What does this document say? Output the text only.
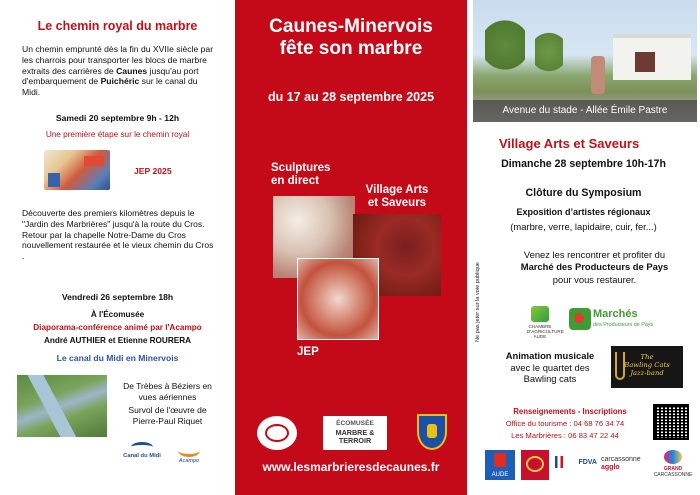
Le chemin royal du marbre
Un chemin emprunté dès la fin du XVIIe siècle par les charrois pour transporter les blocs de marbre extraits des carrières de Caunes jusqu'au port d'embarquement de Puichéric sur le canal du Midi.
Samedi 20 septembre 9h - 12h
Une première étape sur le chemin royal
JEP 2025
Découverte des premiers kilomètres depuis le "Jardin des Marbrières" jusqu'à la route du Cros.
Retour par la chapelle Notre-Dame du Cros nouvellement restaurée et le vieux chemin du Cros .
Vendredi 26 septembre 18h
À l'Écomusée
Diaporama-conférence animé par l'Acampo
André AUTHIER et Etienne ROURERA
Le canal du Midi en Minervois
De Trèbes à Béziers en vues aériennes
Survol de l'œuvre de Pierre-Paul Riquet
Canal du Midi
Acampo
Caunes-Minervois
fête son marbre
du 17 au 28 septembre 2025
Sculptures
en direct
Village Arts
et Saveurs
JEP
ÉCOMUSÉE
MARBRE &
TERROIR
www.lesmarbrieresdecaunes.fr
Avenue du stade - Allée Émile Pastre
Village Arts et Saveurs
Dimanche 28 septembre 10h-17h
Clôture du Symposium
Exposition d’artistes régionaux
(marbre, verre, lapidaire, cuir, fer...)
Venez les rencontrer et profiter du
Marché des Producteurs de Pays
pour vous restaurer.
Ne pas jeter sur la voie publique	CHAMBRE D'AGRICULTURE AUDE
Marchés
des Producteurs de Pays
Animation musicale
avec le quartet des Bawling cats
The
Bawling Cats
Jazz-band
Renseignements - Inscriptions
Office du tourisme : 04 68 76 34 74
Les Marbrières : 06 83 47 22 44
AUDE
FDVA carcassonne
agglo	GRAND
CARCASSONNE
